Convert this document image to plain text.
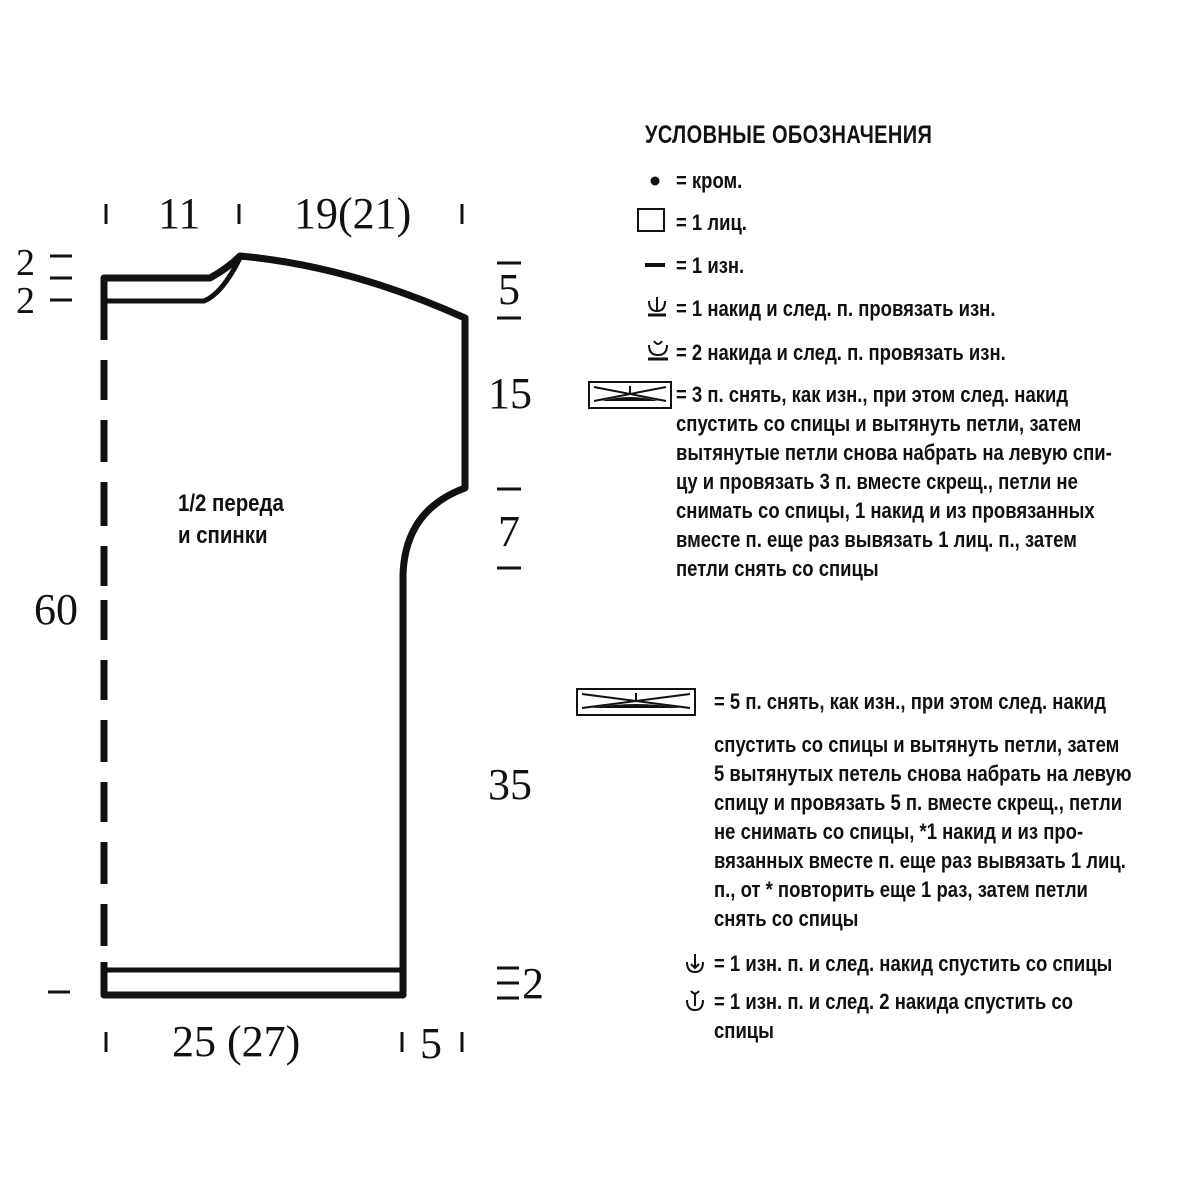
11 19(21)
2
2
60
5
15
7
35
2
25 (27)	5
1/2 переда
и спинки
УСЛОВНЫЕ ОБОЗНАЧЕНИЯ
= кром.
= 1 лиц.
= 1 изн.
= 1 накид и след. п. провязать изн.
= 2 накида и след. п. провязать изн.
= 3 п. снять, как изн., при этом след. накид
спустить со спицы и вытянуть петли, затем
вытянутые петли снова набрать на левую спи-
цу и провязать 3 п. вместе скрещ., петли не
снимать со спицы, 1 накид и из провязанных
вместе п. еще раз вывязать 1 лиц. п., затем
петли снять со спицы
= 5 п. снять, как изн., при этом след. накид
спустить со спицы и вытянуть петли, затем
5 вытянутых петель снова набрать на левую
спицу и провязать 5 п. вместе скрещ., петли
не снимать со спицы, *1 накид и из про-
вязанных вместе п. еще раз вывязать 1 лиц.
п., от * повторить еще 1 раз, затем петли
снять со спицы
= 1 изн. п. и след. накид спустить со спицы
= 1 изн. п. и след. 2 накида спустить со
спицы
